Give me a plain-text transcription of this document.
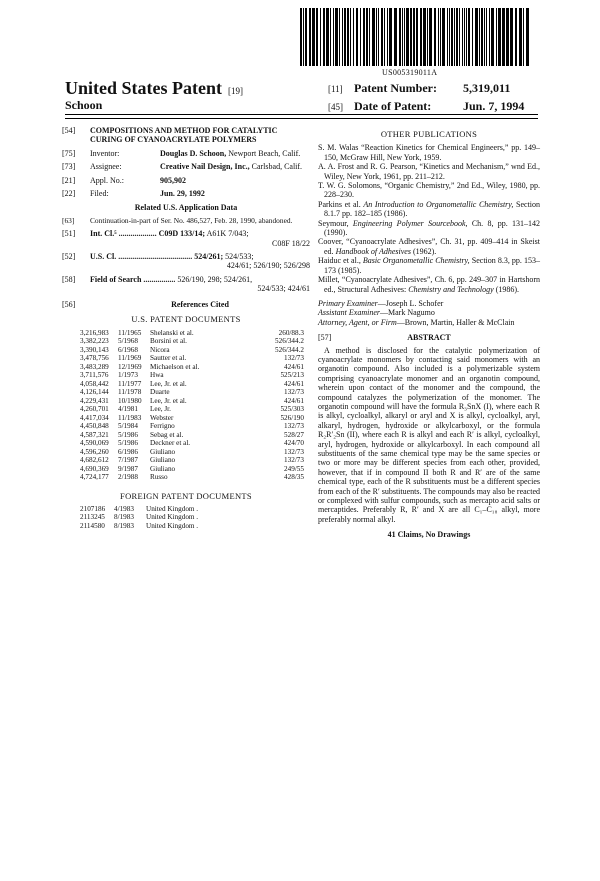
US005319011A
United States Patent [19]
Schoon
[11] Patent Number: 5,319,011
[45] Date of Patent:	Jun. 7, 1994
[54]	COMPOSITIONS AND METHOD FOR CATALYTIC CURING OF CYANOACRYLATE POLYMERS
[75]	Inventor:	Douglas D. Schoon, Newport Beach, Calif.
[73]	Assignee:	Creative Nail Design, Inc., Carlsbad, Calif.
[21]	Appl. No.:	905,902
[22]	Filed:	Jun. 29, 1992
Related U.S. Application Data
[63]	Continuation-in-part of Ser. No. 486,527, Feb. 28, 1990, abandoned.
[51]	Int. Cl.⁵ ................... C09D 133/14; A61K 7/043;
C08F 18/22
[52]	U.S. Cl. ..................................... 524/261; 524/533;
424/61; 526/190; 526/298
[58]	Field of Search ................ 526/190, 298; 524/261,
524/533; 424/61
[56]	References Cited
U.S. PATENT DOCUMENTS
3,216,983	11/1965	Shelanski et al.	260/88.3
3,382,223	5/1968	Borsini et al.	526/344.2
3,390,143	6/1968	Nicora	526/344.2
3,478,756	11/1969	Sautter et al.	132/73
3,483,289	12/1969	Michaelson et al.	424/61
3,711,576	1/1973	Hwa	525/213
4,058,442	11/1977	Lee, Jr. et al.	424/61
4,126,144	11/1978	Duarte	132/73
4,229,431	10/1980	Lee, Jr. et al.	424/61
4,260,701	4/1981	Lee, Jr.	525/303
4,417,034	11/1983	Webster	526/190
4,450,848	5/1984	Ferrigno	132/73
4,587,321	5/1986	Sebag et al.	528/27
4,590,069	5/1986	Deckner et al.	424/70
4,596,260	6/1986	Giuliano	132/73
4,682,612	7/1987	Giuliano	132/73
4,690,369	9/1987	Giuliano	249/55
4,724,177	2/1988	Russo	428/35
FOREIGN PATENT DOCUMENTS
2107186	4/1983	United Kingdom .
2113245	8/1983	United Kingdom .
2114580	8/1983	United Kingdom .
OTHER PUBLICATIONS

S. M. Walas “Reaction Kinetics for Chemical Engineers,” pp. 149–150, McGraw Hill, New York, 1959.

A. A. Frost and R. G. Pearson, “Kinetics and Mechanism,” wnd Ed., Wiley, New York, 1961, pp. 211–212.

T. W. G. Solomons, “Organic Chemistry,” 2nd Ed., Wiley, 1980, pp. 228–230.

Parkins et al. An Introduction to Organometallic Chemistry, Section 8.1.7 pp. 182–185 (1986).

Seymour, Engineering Polymer Sourcebook, Ch. 8, pp. 131–142 (1990).

Coover, “Cyanoacrylate Adhesives”, Ch. 31, pp. 409–414 in Skeist ed. Handbook of Adhesives (1962).

Haiduc et al., Basic Organometallic Chemistry, Section 8.3, pp. 153–173 (1985).

Millet, “Cyanoacrylate Adhesives”, Ch. 6, pp. 249–307 in Hartshorn ed., Structural Adhesives: Chemistry and Technology (1986).

Primary Examiner—Joseph L. Schofer

Assistant Examiner—Mark Nagumo

Attorney, Agent, or Firm—Brown, Martin, Haller & McClain

[57]	ABSTRACT

A method is disclosed for the catalytic polymerization of cyanoacrylate monomers by contacting said monomers with an organotin compound. Also included is a polymerizable system comprising cyanoacrylate monomer and an organotin compound, wherein upon contact of the monomer and the compound, the compound catalyzes the polymerization of the monomer. The organotin compound will have the formula R₃SnX (I), where each R is alkyl, cycloalkyl, alkaryl or aryl and X is alkyl, cycloalkyl, aryl, alkaryl, hydrogen, hydroxide or alkylcarboxyl, or the formula R₂R′₂Sn (II), where each R is alkyl and each R′ is alkyl, cycloalkyl, aryl, hydrogen, hydroxide or alkylcarboxyl. In each compound all substituents of the same chemical type may be the same species or two or more may be different species from each other, provided, however, that if in compound II both R and R′ are of the same chemical type, each of the R substituents must be a different species from each of the R′ substituents. The compounds may also be reacted or complexed with sulfur compounds, such as mercapto acid salts or mercaptides. Preferably R, R′ and X are all C₁–C₁₈ alkyl, more preferably normal alkyl.

41 Claims, No Drawings
